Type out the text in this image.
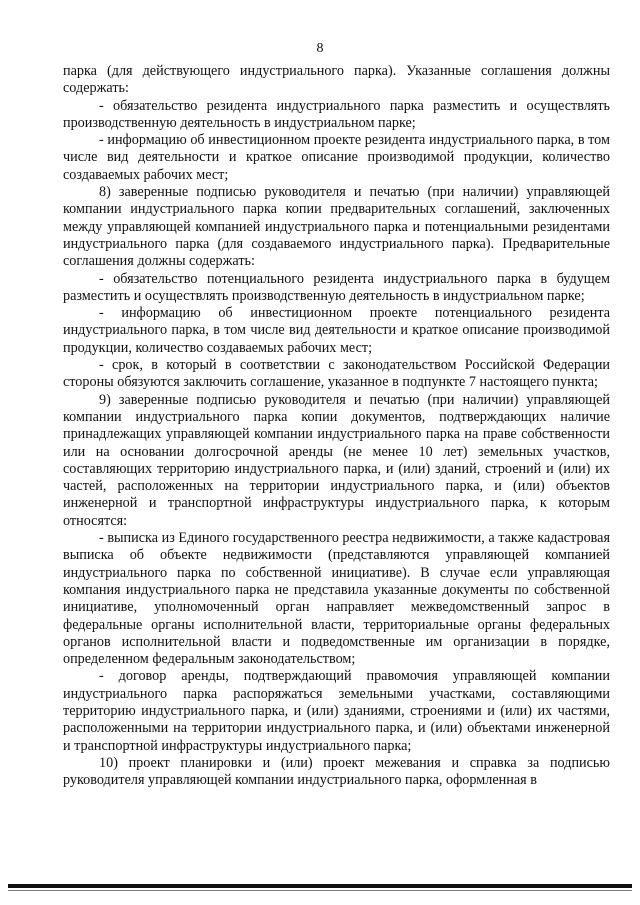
8

парка (для действующего индустриального парка). Указанные соглашения должны содержать:

- обязательство резидента индустриального парка разместить и осуществлять производственную деятельность в индустриальном парке;

- информацию об инвестиционном проекте резидента индустриального парка, в том числе вид деятельности и краткое описание производимой продукции, количество создаваемых рабочих мест;

8) заверенные подписью руководителя и печатью (при наличии) управляющей компании индустриального парка копии предварительных соглашений, заключенных между управляющей компанией индустриального парка и потенциальными резидентами индустриального парка (для создаваемого индустриального парка). Предварительные соглашения должны содержать:

- обязательство потенциального резидента индустриального парка в будущем разместить и осуществлять производственную деятельность в индустриальном парке;

- информацию об инвестиционном проекте потенциального резидента индустриального парка, в том числе вид деятельности и краткое описание производимой продукции, количество создаваемых рабочих мест;

- срок, в который в соответствии с законодательством Российской Федерации стороны обязуются заключить соглашение, указанное в подпункте 7 настоящего пункта;

9) заверенные подписью руководителя и печатью (при наличии) управляющей компании индустриального парка копии документов, подтверждающих наличие принадлежащих управляющей компании индустриального парка на праве собственности или на основании долгосрочной аренды (не менее 10 лет) земельных участков, составляющих территорию индустриального парка, и (или) зданий, строений и (или) их частей, расположенных на территории индустриального парка, и (или) объектов инженерной и транспортной инфраструктуры индустриального парка, к которым относятся:

- выписка из Единого государственного реестра недвижимости, а также кадастровая выписка об объекте недвижимости (представляются управляющей компанией индустриального парка по собственной инициативе). В случае если управляющая компания индустриального парка не представила указанные документы по собственной инициативе, уполномоченный орган направляет межведомственный запрос в федеральные органы исполнительной власти, территориальные органы федеральных органов исполнительной власти и подведомственные им организации в порядке, определенном федеральным законодательством;

- договор аренды, подтверждающий правомочия управляющей компании индустриального парка распоряжаться земельными участками, составляющими территорию индустриального парка, и (или) зданиями, строениями и (или) их частями, расположенными на территории индустриального парка, и (или) объектами инженерной и транспортной инфраструктуры индустриального парка;

10) проект планировки и (или) проект межевания и справка за подписью руководителя управляющей компании индустриального парка, оформленная в
